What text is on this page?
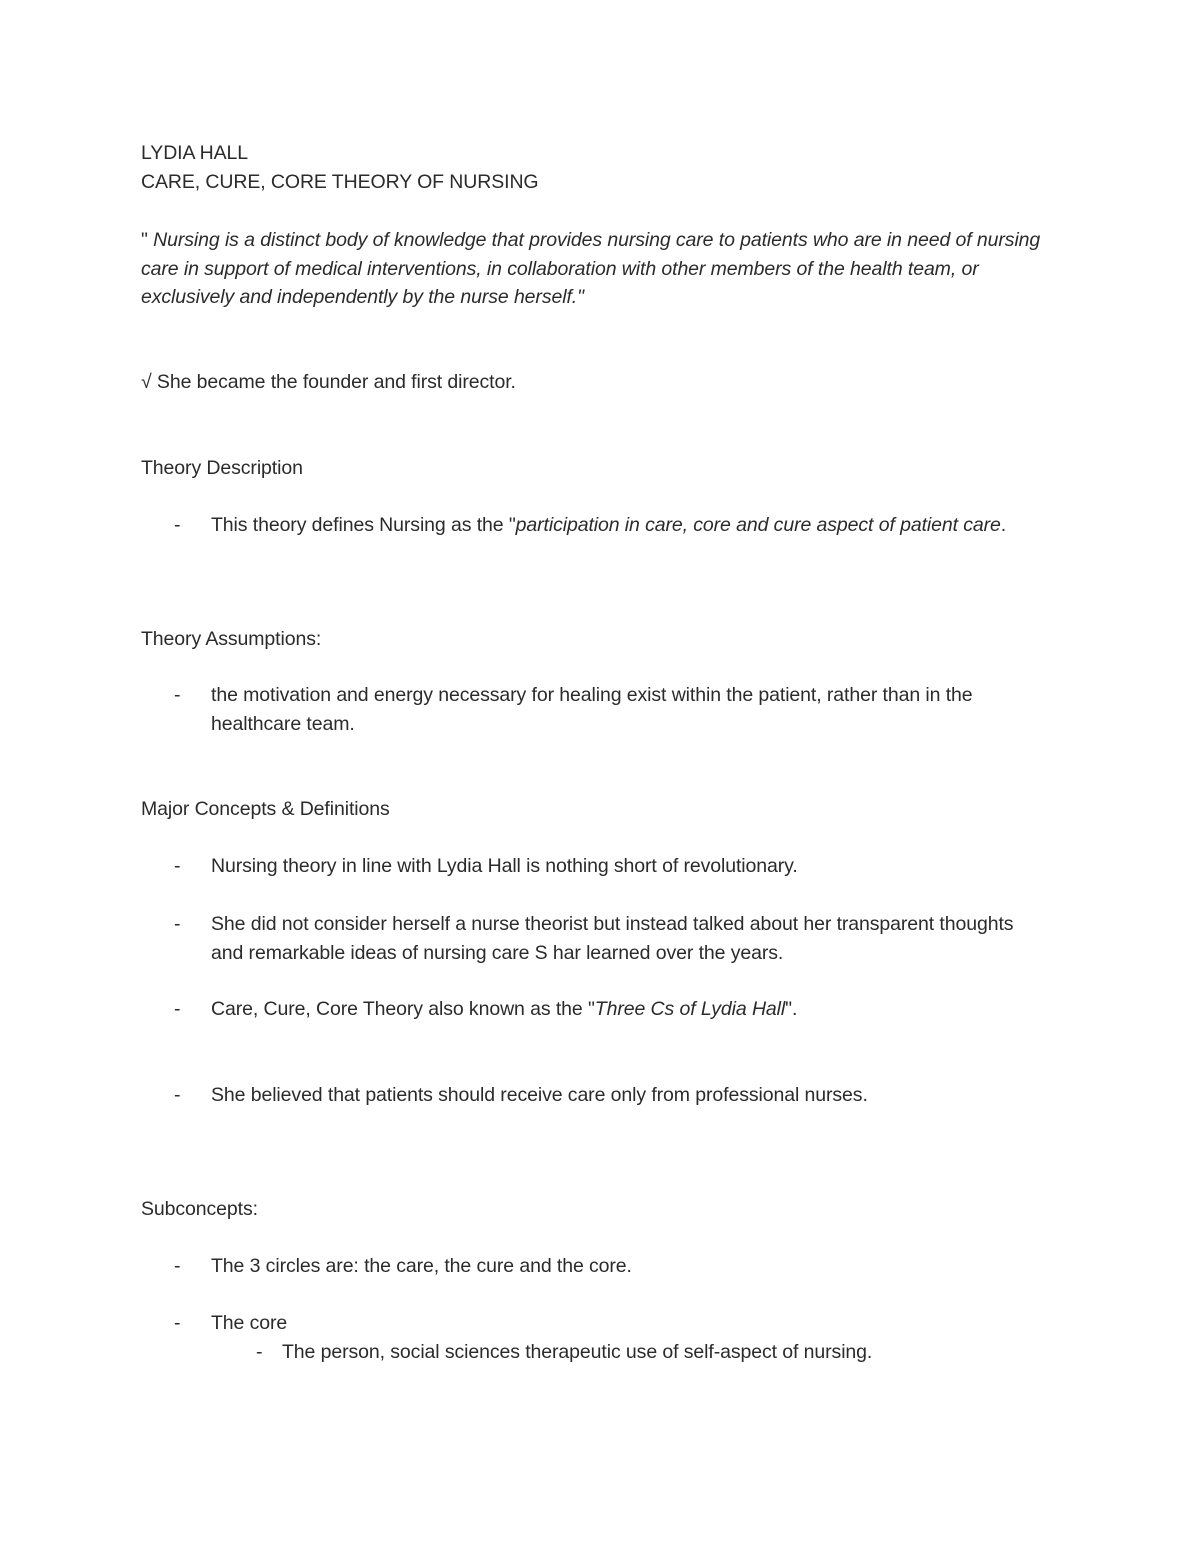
LYDIA HALL
CARE, CURE, CORE THEORY OF NURSING
" Nursing is a distinct body of knowledge that provides nursing care to patients who are in need of nursing care in support of medical interventions, in collaboration with other members of the health team, or exclusively and independently by the nurse herself."
√ She became the founder and first director.
Theory Description
- This theory defines Nursing as the "participation in care, core and cure aspect of patient care.
Theory Assumptions:
- the motivation and energy necessary for healing exist within the patient, rather than in the healthcare team.
Major Concepts & Definitions
- Nursing theory in line with Lydia Hall is nothing short of revolutionary.
- She did not consider herself a nurse theorist but instead talked about her transparent thoughts and remarkable ideas of nursing care S har learned over the years.
- Care, Cure, Core Theory also known as the "Three Cs of Lydia Hall".
- She believed that patients should receive care only from professional nurses.
Subconcepts:
- The 3 circles are: the care, the cure and the core.
- The core
- The person, social sciences therapeutic use of self-aspect of nursing.
